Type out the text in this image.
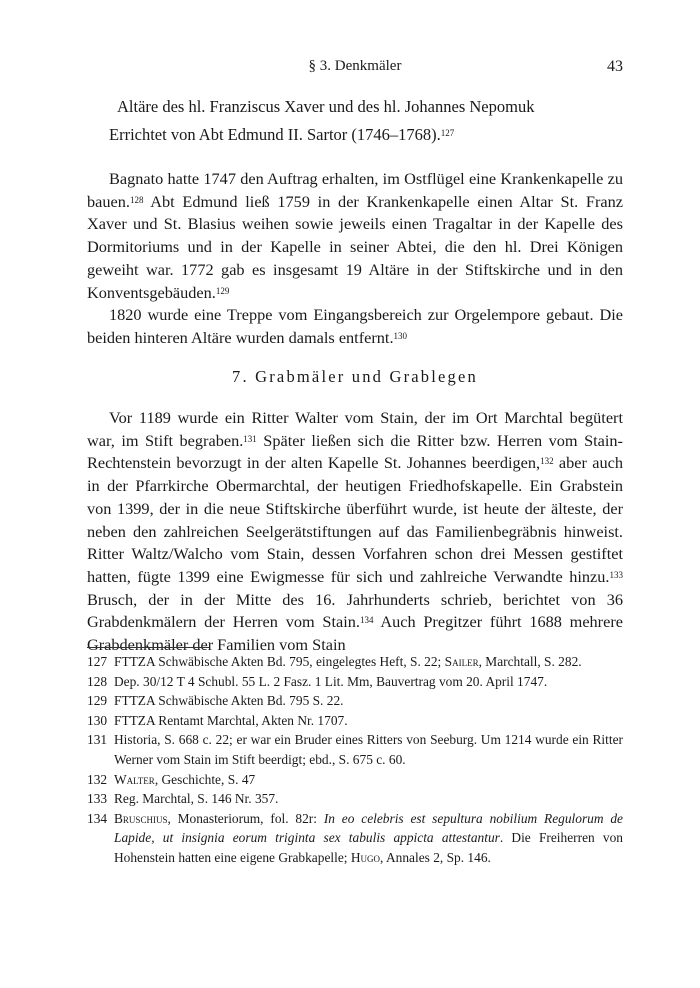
§ 3. Denkmäler	43
Altäre des hl. Franziscus Xaver und des hl. Johannes Nepomuk
Errichtet von Abt Edmund II. Sartor (1746–1768).$^{127}$

Bagnato hatte 1747 den Auftrag erhalten, im Ostflügel eine Krankenkapelle zu bauen.$^{128}$ Abt Edmund ließ 1759 in der Krankenkapelle einen Altar St. Franz Xaver und St. Blasius weihen sowie jeweils einen Tragaltar in der Kapelle des Dormitoriums und in der Kapelle in seiner Abtei, die den hl. Drei Königen geweiht war. 1772 gab es insgesamt 19 Altäre in der Stiftskirche und in den Konventsgebäuden.$^{129}$

1820 wurde eine Treppe vom Eingangsbereich zur Orgelempore gebaut. Die beiden hinteren Altäre wurden damals entfernt.$^{130}$

7. Grabmäler und Grablegen

Vor 1189 wurde ein Ritter Walter vom Stain, der im Ort Marchtal begütert war, im Stift begraben.$^{131}$ Später ließen sich die Ritter bzw. Herren vom Stain-Rechtenstein bevorzugt in der alten Kapelle St. Johannes beerdigen,$^{132}$ aber auch in der Pfarrkirche Obermarchtal, der heutigen Friedhofskapelle. Ein Grabstein von 1399, der in die neue Stiftskirche überführt wurde, ist heute der älteste, der neben den zahlreichen Seelgerätstiftungen auf das Familienbegräbnis hinweist. Ritter Waltz/Walcho vom Stain, dessen Vorfahren schon drei Messen gestiftet hatten, fügte 1399 eine Ewigmesse für sich und zahlreiche Verwandte hinzu.$^{133}$ Brusch, der in der Mitte des 16. Jahrhunderts schrieb, berichtet von 36 Grabdenkmälern der Herren vom Stain.$^{134}$ Auch Pregitzer führt 1688 mehrere Grabdenkmäler der Familien vom Stain

127 FTTZA Schwäbische Akten Bd. 795, eingelegtes Heft, S. 22; Sailer, Marchtall, S. 282.
128 Dep. 30/12 T 4 Schubl. 55 L. 2 Fasz. 1 Lit. Mm, Bauvertrag vom 20. April 1747.
129 FTTZA Schwäbische Akten Bd. 795 S. 22.
130 FTTZA Rentamt Marchtal, Akten Nr. 1707.
131 Historia, S. 668 c. 22; er war ein Bruder eines Ritters von Seeburg. Um 1214 wurde ein Ritter Werner vom Stain im Stift beerdigt; ebd., S. 675 c. 60.
132 Walter, Geschichte, S. 47
133 Reg. Marchtal, S. 146 Nr. 357.
134 Bruschius, Monasteriorum, fol. 82r: In eo celebris est sepultura nobilium Regulorum de Lapide, ut insignia eorum triginta sex tabulis appicta attestantur. Die Freiherren von Hohenstein hatten eine eigene Grabkapelle; Hugo, Annales 2, Sp. 146.
